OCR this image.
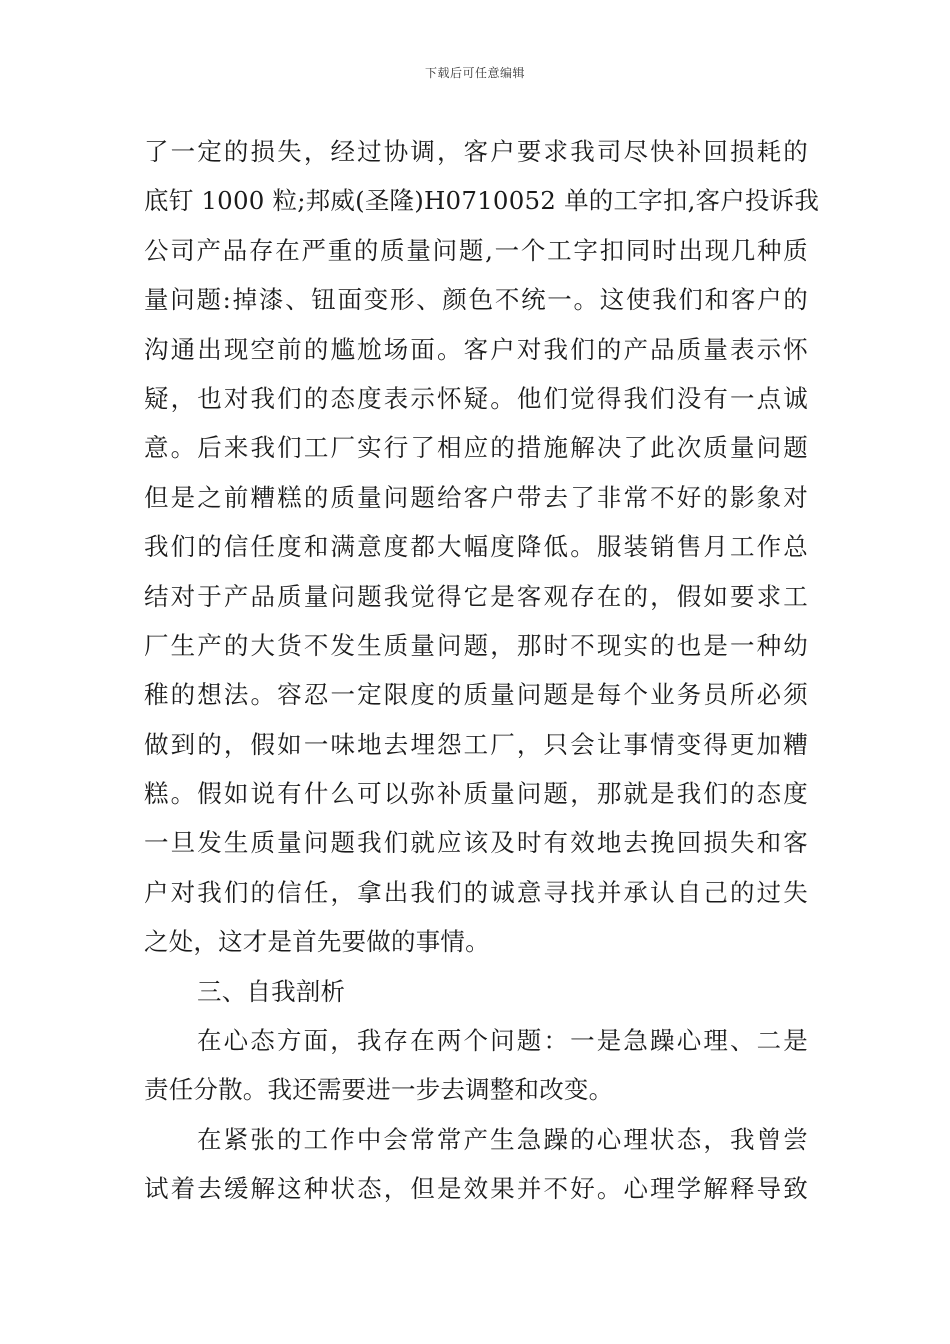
下载后可任意编辑
了一定的损失，经过协调，客户要求我司尽快补回损耗的
底钉 1000 粒;邦威(圣隆)H0710052 单的工字扣,客户投诉我
公司产品存在严重的质量问题,一个工字扣同时出现几种质
量问题:掉漆、钮面变形、颜色不统一。这使我们和客户的
沟通出现空前的尴尬场面。客户对我们的产品质量表示怀
疑，也对我们的态度表示怀疑。他们觉得我们没有一点诚
意。后来我们工厂实行了相应的措施解决了此次质量问题
但是之前糟糕的质量问题给客户带去了非常不好的影象对
我们的信任度和满意度都大幅度降低。服装销售月工作总
结对于产品质量问题我觉得它是客观存在的，假如要求工
厂生产的大货不发生质量问题，那时不现实的也是一种幼
稚的想法。容忍一定限度的质量问题是每个业务员所必须
做到的，假如一味地去埋怨工厂，只会让事情变得更加糟
糕。假如说有什么可以弥补质量问题，那就是我们的态度
一旦发生质量问题我们就应该及时有效地去挽回损失和客
户对我们的信任，拿出我们的诚意寻找并承认自己的过失
之处，这才是首先要做的事情。
三、自我剖析
在心态方面，我存在两个问题：一是急躁心理、二是
责任分散。我还需要进一步去调整和改变。
在紧张的工作中会常常产生急躁的心理状态，我曾尝
试着去缓解这种状态，但是效果并不好。心理学解释导致
